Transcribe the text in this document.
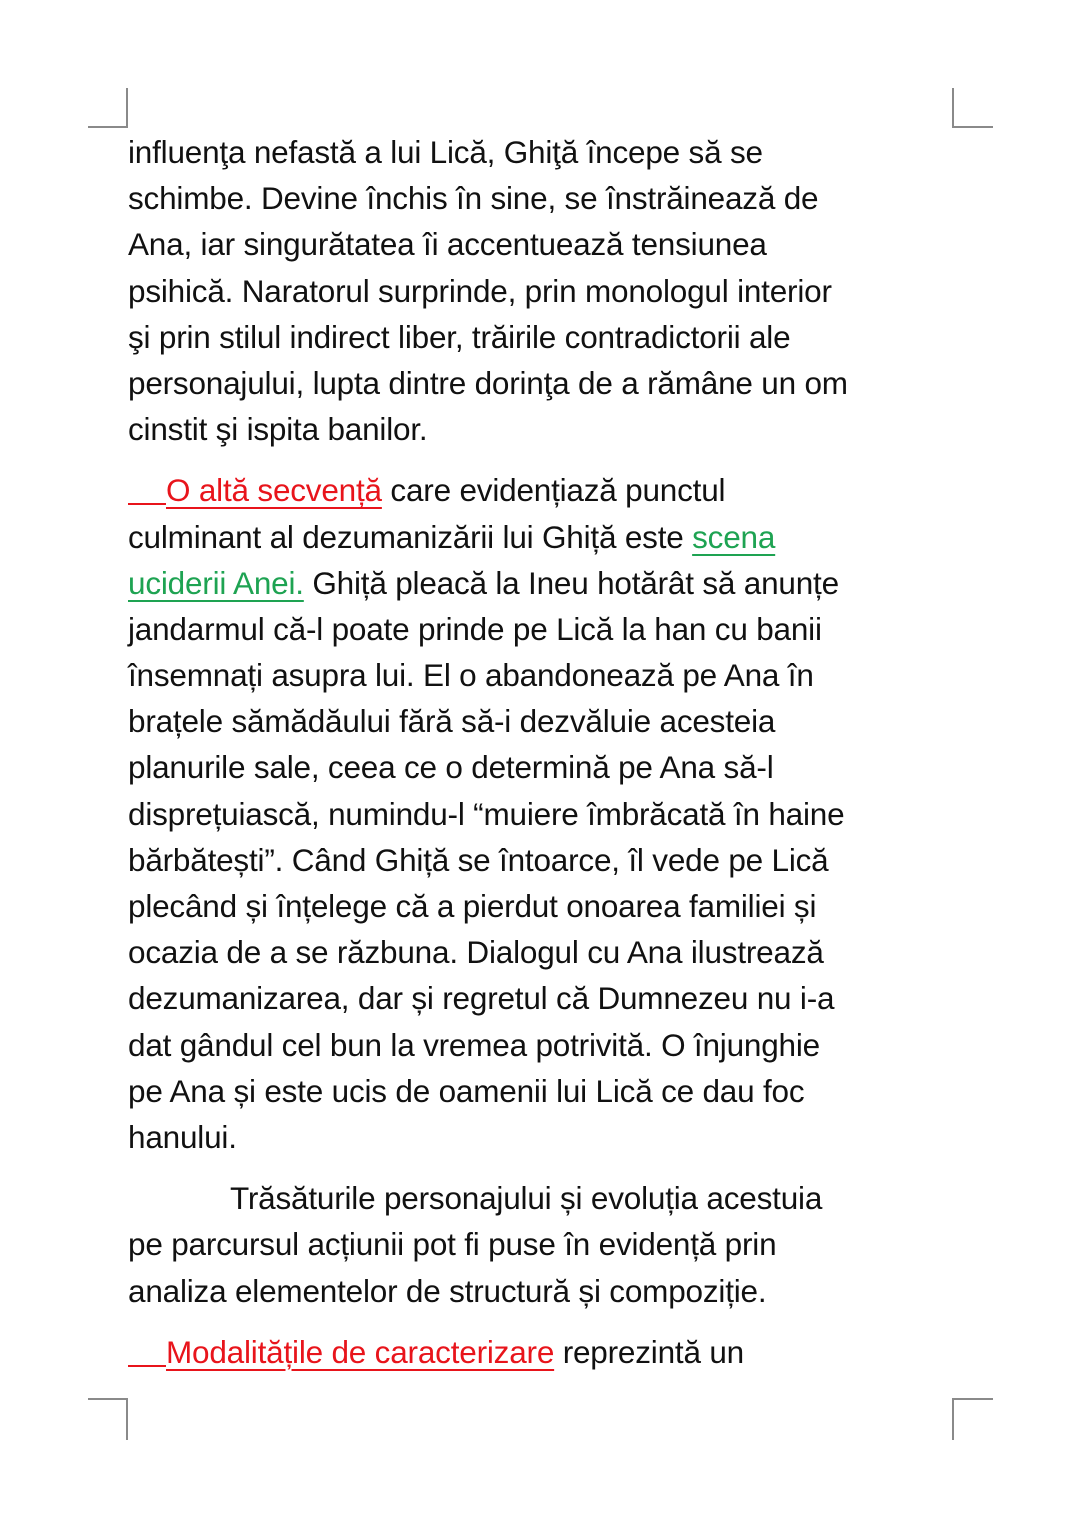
influenţa nefastă a lui Lică, Ghiţă începe să se
schimbe. Devine închis în sine, se înstrăinează de
Ana, iar singurătatea îi accentuează tensiunea
psihică. Naratorul surprinde, prin monologul interior
şi prin stilul indirect liber, trăirile contradictorii ale
personajului, lupta dintre dorinţa de a rămâne un om
cinstit şi ispita banilor.
O altă secvență care evidențiază punctul
culminant al dezumanizării lui Ghiță este scena
uciderii Anei. Ghiță pleacă la Ineu hotărât să anunțe
jandarmul că-l poate prinde pe Lică la han cu banii
însemnați asupra lui. El o abandonează pe Ana în
brațele sămădăului fără să-i dezvăluie acesteia
planurile sale, ceea ce o determină pe Ana să-l
disprețuiască, numindu-l “muiere îmbrăcată în haine
bărbătești”. Când Ghiță se întoarce, îl vede pe Lică
plecând și înțelege că a pierdut onoarea familiei și
ocazia de a se răzbuna. Dialogul cu Ana ilustrează
dezumanizarea, dar și regretul că Dumnezeu nu i-a
dat gândul cel bun la vremea potrivită. O înjunghie
pe Ana și este ucis de oamenii lui Lică ce dau foc
hanului.
Trăsăturile personajului și evoluția acestuia
pe parcursul acțiunii pot fi puse în evidență prin
analiza elementelor de structură și compoziție.
Modalitățile de caracterizare reprezintă un
